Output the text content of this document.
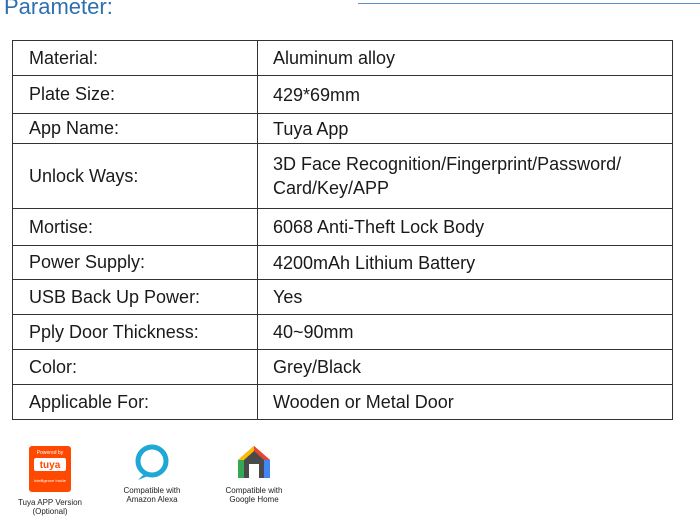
Parameter:
Material:	Aluminum alloy
Plate Size:	429*69mm
App Name:	Tuya App
Unlock Ways:	3D Face Recognition/Fingerprint/Password/
Card/Key/APP

Mortise:	6068 Anti-Theft Lock Body
Power Supply:	4200mAh Lithium Battery
USB Back Up Power:	Yes
Pply Door Thickness:	40~90mm
Color:	Grey/Black
Applicable For:	Wooden or Metal Door
Powered by
tuya
Intelligence Inside
Tuya APP Version
(Optional)
Compatible with
Amazon Alexa
Compatible with
Google Home
